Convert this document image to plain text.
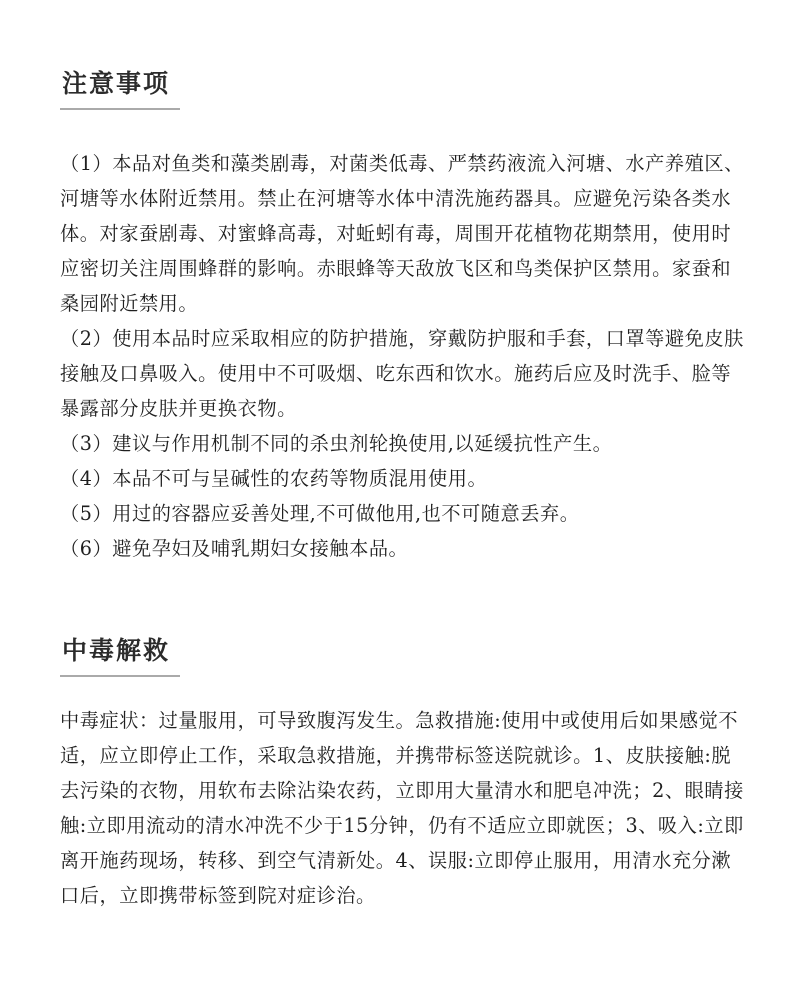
注意事项

（1）本品对鱼类和藻类剧毒，对菌类低毒、严禁药液流入河塘、水产养殖区、河塘等水体附近禁用。禁止在河塘等水体中清洗施药器具。应避免污染各类水体。对家蚕剧毒、对蜜蜂高毒，对蚯蚓有毒，周围开花植物花期禁用，使用时应密切关注周围蜂群的影响。赤眼蜂等天敌放飞区和鸟类保护区禁用。家蚕和桑园附近禁用。

（2）使用本品时应采取相应的防护措施，穿戴防护服和手套，口罩等避免皮肤接触及口鼻吸入。使用中不可吸烟、吃东西和饮水。施药后应及时洗手、脸等暴露部分皮肤并更换衣物。

（3）建议与作用机制不同的杀虫剂轮换使用,以延缓抗性产生。

（4）本品不可与呈碱性的农药等物质混用使用。

（5）用过的容器应妥善处理,不可做他用,也不可随意丢弃。

（6）避免孕妇及哺乳期妇女接触本品。

中毒解救

中毒症状：过量服用，可导致腹泻发生。急救措施:使用中或使用后如果感觉不适，应立即停止工作，采取急救措施，并携带标签送院就诊。1、皮肤接触:脱去污染的衣物，用软布去除沾染农药，立即用大量清水和肥皂冲洗；2、眼睛接触:立即用流动的清水冲洗不少于15分钟，仍有不适应立即就医；3、吸入:立即离开施药现场，转移、到空气清新处。4、误服:立即停止服用，用清水充分漱口后，立即携带标签到院对症诊治。
